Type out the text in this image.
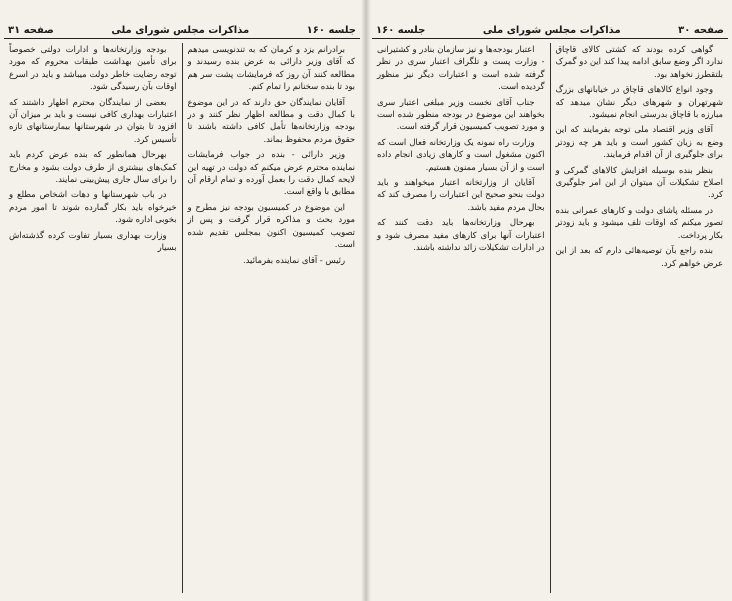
صفحه ۳۱	مذاکرات مجلس شورای ملی	جلسه ۱۶۰

برادرانم یزد و کرمان که به تندنویسی میدهم که آقای وزیر دارائی به عرض بنده رسیدند و مطالعه کنند آن روز که فرمایشات پشت سر هم بود تا بنده سخنانم را تمام کنم.

آقایان نمایندگان حق دارند که در این موضوع با کمال دقت و مطالعه اظهار نظر کنند و در بودجه وزارتخانه‌ها تأمل کافی داشته باشند تا حقوق مردم محفوظ بماند.

وزیر دارائی - بنده در جواب فرمایشات نماینده محترم عرض میکنم که دولت در تهیه این لایحه کمال دقت را بعمل آورده و تمام ارقام آن مطابق با واقع است.

این موضوع در کمیسیون بودجه نیز مطرح و مورد بحث و مذاکره قرار گرفت و پس از تصویب کمیسیون اکنون بمجلس تقدیم شده است.

رئیس - آقای نماینده بفرمائید.

بودجه وزارتخانه‌ها و ادارات دولتی خصوصاً برای تأمین بهداشت طبقات محروم که مورد توجه رضایت خاطر دولت میباشد و باید در اسرع اوقات بآن رسیدگی شود.

بعضی از نمایندگان محترم اظهار داشتند که اعتبارات بهداری کافی نیست و باید بر میزان آن افزود تا بتوان در شهرستانها بیمارستانهای تازه تأسیس کرد.

بهرحال همانطور که بنده عرض کردم باید کمک‌های بیشتری از طرف دولت بشود و مخارج را برای سال جاری پیش‌بینی نمایند.

در باب شهرستانها و دهات اشخاص مطلع و خیرخواه باید بکار گمارده شوند تا امور مردم بخوبی اداره شود.

وزارت بهداری بسیار تفاوت کرده گذشته‌اش بسیار

جلسه ۱۶۰	مذاکرات مجلس شورای ملی	صفحه ۳۰

گواهی کرده بودند که کشتی کالای قاچاق ندارد اگر وضع سابق ادامه پیدا کند این دو گمرک بلتقطرز نخواهد بود.

وجود انواع کالاهای قاچاق در خیابانهای بزرگ شهرتهران و شهرهای دیگر نشان میدهد که مبارزه با قاچاق بدرستی انجام نمیشود.

آقای وزیر اقتصاد ملی توجه بفرمایند که این وضع به زیان کشور است و باید هر چه زودتر برای جلوگیری از آن اقدام فرمایند.

بنظر بنده بوسیله افزایش کالاهای گمرکی و اصلاح تشکیلات آن میتوان از این امر جلوگیری کرد.

در مسئله پاشای دولت و کارهای عمرانی بنده تصور میکنم که اوقات تلف میشود و باید زودتر بکار پرداخت.

بنده راجع بآن توصیه‌هائی دارم که بعد از این عرض خواهم کرد.

اعتبار بودجه‌ها و نیز سازمان بنادر و کشتیرانی - وزارت پست و تلگراف اعتبار سری در نظر گرفته شده است و اعتبارات دیگر نیز منظور گردیده است.

جناب آقای نخست وزیر مبلغی اعتبار سری بخواهند این موضوع در بودجه منظور شده است و مورد تصویب کمیسیون قرار گرفته است.

وزارت راه نمونه یک وزارتخانه فعال است که اکنون مشغول است و کارهای زیادی انجام داده است و از آن بسیار ممنون هستیم.

آقایان از وزارتخانه اعتبار میخواهند و باید دولت بنحو صحیح این اعتبارات را مصرف کند که بحال مردم مفید باشد.

بهرحال وزارتخانه‌ها باید دقت کنند که اعتبارات آنها برای کارهای مفید مصرف شود و در ادارات تشکیلات زائد نداشته باشند.
